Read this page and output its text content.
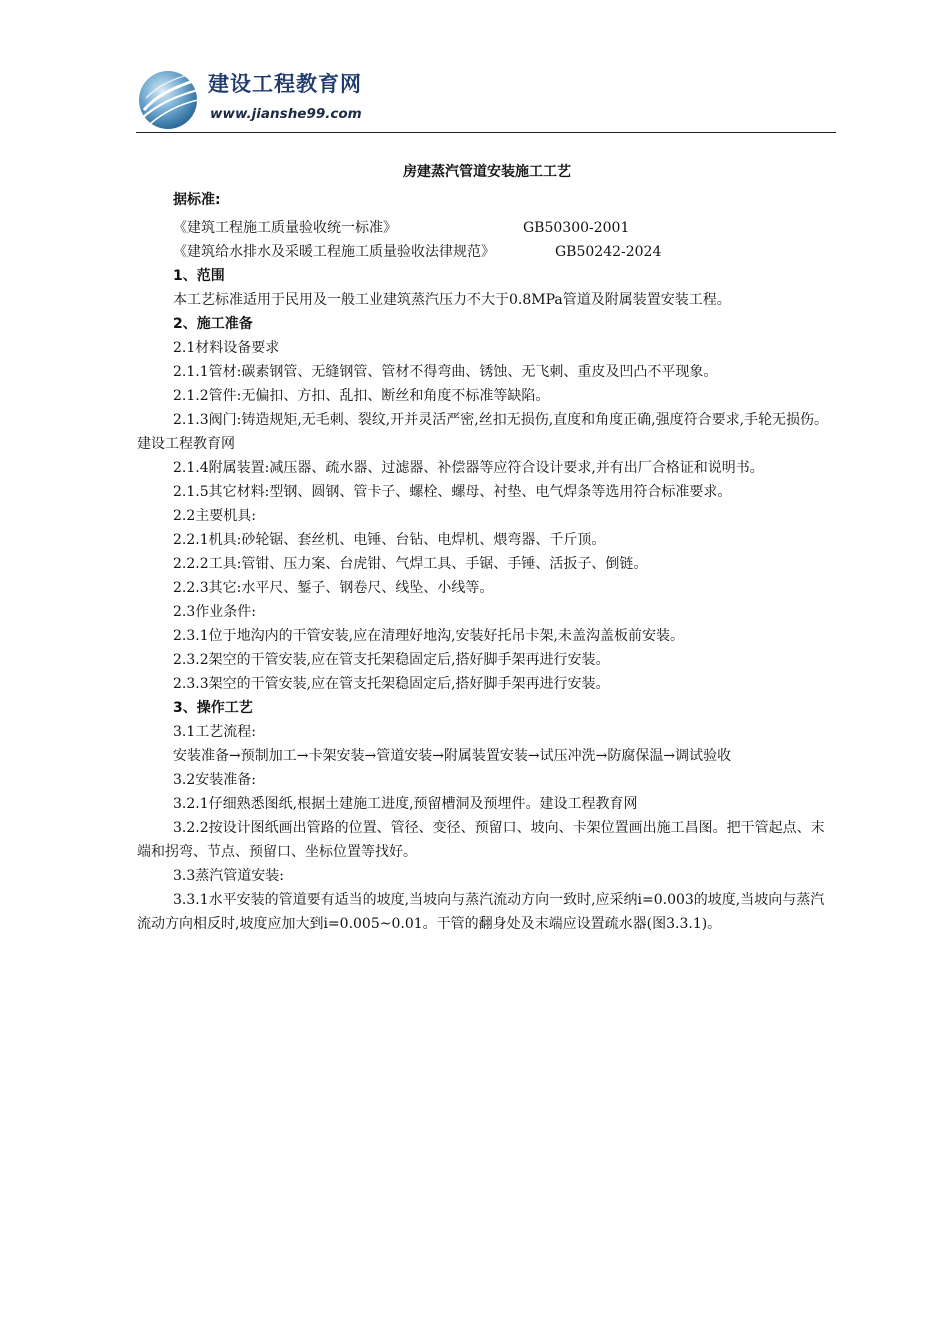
建设工程教育网
www.jianshe99.com
房建蒸汽管道安装施工工艺

据标准:

《建筑工程施工质量验收统一标准》	GB50300-2001
《建筑给水排水及采暖工程施工质量验收法律规范》	GB50242-2024

1、范围

本工艺标准适用于民用及一般工业建筑蒸汽压力不大于0.8MPa管道及附属装置安装工程。

2、施工准备

2.1材料设备要求

2.1.1管材:碳素钢管、无缝钢管、管材不得弯曲、锈蚀、无飞刺、重皮及凹凸不平现象。

2.1.2管件:无偏扣、方扣、乱扣、断丝和角度不标准等缺陷。

2.1.3阀门:铸造规矩,无毛刺、裂纹,开并灵活严密,丝扣无损伤,直度和角度正确,强度符合要求,手轮无损伤。建设工程教育网

2.1.4附属装置:减压器、疏水器、过滤器、补偿器等应符合设计要求,并有出厂合格证和说明书。

2.1.5其它材料:型钢、圆钢、管卡子、螺栓、螺母、衬垫、电气焊条等选用符合标准要求。

2.2主要机具:

2.2.1机具:砂轮锯、套丝机、电锤、台钻、电焊机、煨弯器、千斤顶。

2.2.2工具:管钳、压力案、台虎钳、气焊工具、手锯、手锤、活扳子、倒链。

2.2.3其它:水平尺、錾子、钢卷尺、线坠、小线等。

2.3作业条件:

2.3.1位于地沟内的干管安装,应在清理好地沟,安装好托吊卡架,未盖沟盖板前安装。

2.3.2架空的干管安装,应在管支托架稳固定后,搭好脚手架再进行安装。

2.3.3架空的干管安装,应在管支托架稳固定后,搭好脚手架再进行安装。

3、操作工艺

3.1工艺流程:

安装准备→预制加工→卡架安装→管道安装→附属装置安装→试压冲洗→防腐保温→调试验收

3.2安装准备:

3.2.1仔细熟悉图纸,根据土建施工进度,预留槽洞及预埋件。建设工程教育网

3.2.2按设计图纸画出管路的位置、管径、变径、预留口、坡向、卡架位置画出施工昌图。把干管起点、末端和拐弯、节点、预留口、坐标位置等找好。

3.3蒸汽管道安装:

3.3.1水平安装的管道要有适当的坡度,当坡向与蒸汽流动方向一致时,应采纳i=0.003的坡度,当坡向与蒸汽流动方向相反时,坡度应加大到i=0.005~0.01。干管的翻身处及末端应设置疏水器(图3.3.1)。
